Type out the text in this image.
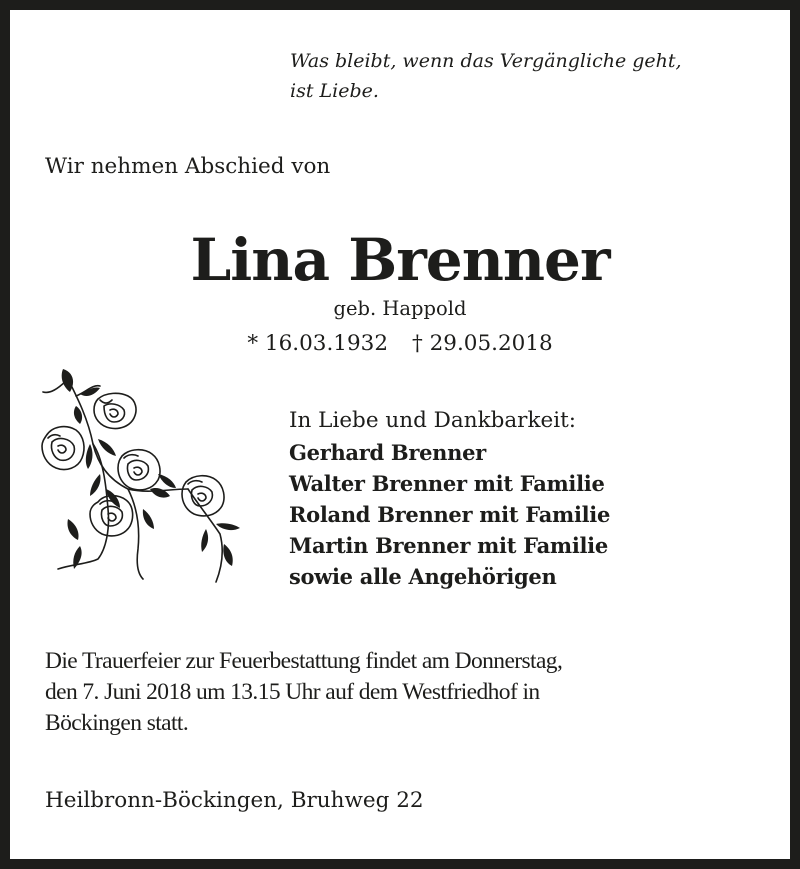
Was bleibt, wenn das Vergängliche geht,
ist Liebe.

Wir nehmen Abschied von

Lina Brenner

geb. Happold

* 16.03.1932 † 29.05.2018

In Liebe und Dankbarkeit:
Gerhard Brenner
Walter Brenner mit Familie
Roland Brenner mit Familie
Martin Brenner mit Familie
sowie alle Angehörigen

Die Trauerfeier zur Feuerbestattung findet am Donnerstag,
den 7. Juni 2018 um 13.15 Uhr auf dem Westfriedhof in
Böckingen statt.

Heilbronn-Böckingen, Bruhweg 22
